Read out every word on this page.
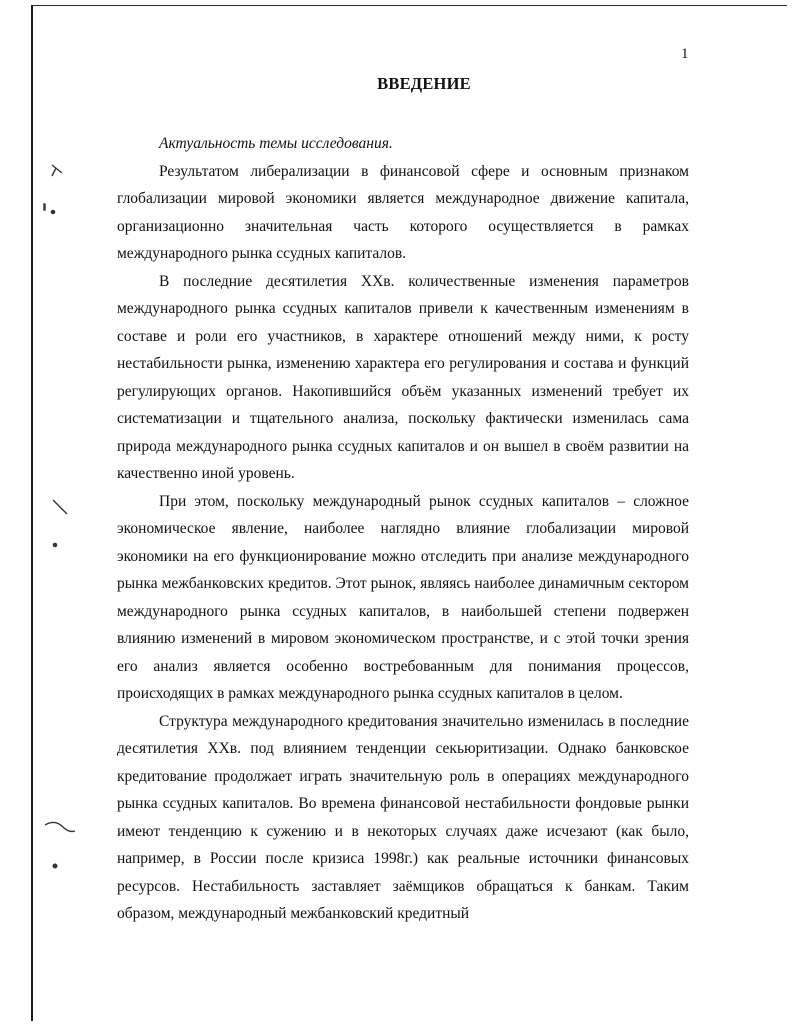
1
ВВЕДЕНИЕ

Актуальность темы исследования.

Результатом либерализации в финансовой сфере и основным признаком глобализации мировой экономики является международное движение капитала, организационно значительная часть которого осуществляется в рамках международного рынка ссудных капиталов.

В последние десятилетия XXв. количественные изменения параметров международного рынка ссудных капиталов привели к качественным изменениям в составе и роли его участников, в характере отношений между ними, к росту нестабильности рынка, изменению характера его регулирования и состава и функций регулирующих органов. Накопившийся объём указанных изменений требует их систематизации и тщательного анализа, поскольку фактически изменилась сама природа международного рынка ссудных капиталов и он вышел в своём развитии на качественно иной уровень.

При этом, поскольку международный рынок ссудных капиталов – сложное экономическое явление, наиболее наглядно влияние глобализации мировой экономики на его функционирование можно отследить при анализе международного рынка межбанковских кредитов. Этот рынок, являясь наиболее динамичным сектором международного рынка ссудных капиталов, в наибольшей степени подвержен влиянию изменений в мировом экономическом пространстве, и с этой точки зрения его анализ является особенно востребованным для понимания процессов, происходящих в рамках международного рынка ссудных капиталов в целом.

Структура международного кредитования значительно изменилась в последние десятилетия XXв. под влиянием тенденции секьюритизации. Однако банковское кредитование продолжает играть значительную роль в операциях международного рынка ссудных капиталов. Во времена финансовой нестабильности фондовые рынки имеют тенденцию к сужению и в некоторых случаях даже исчезают (как было, например, в России после кризиса 1998г.) как реальные источники финансовых ресурсов. Нестабильность заставляет заёмщиков обращаться к банкам. Таким образом, международный межбанковский кредитный
